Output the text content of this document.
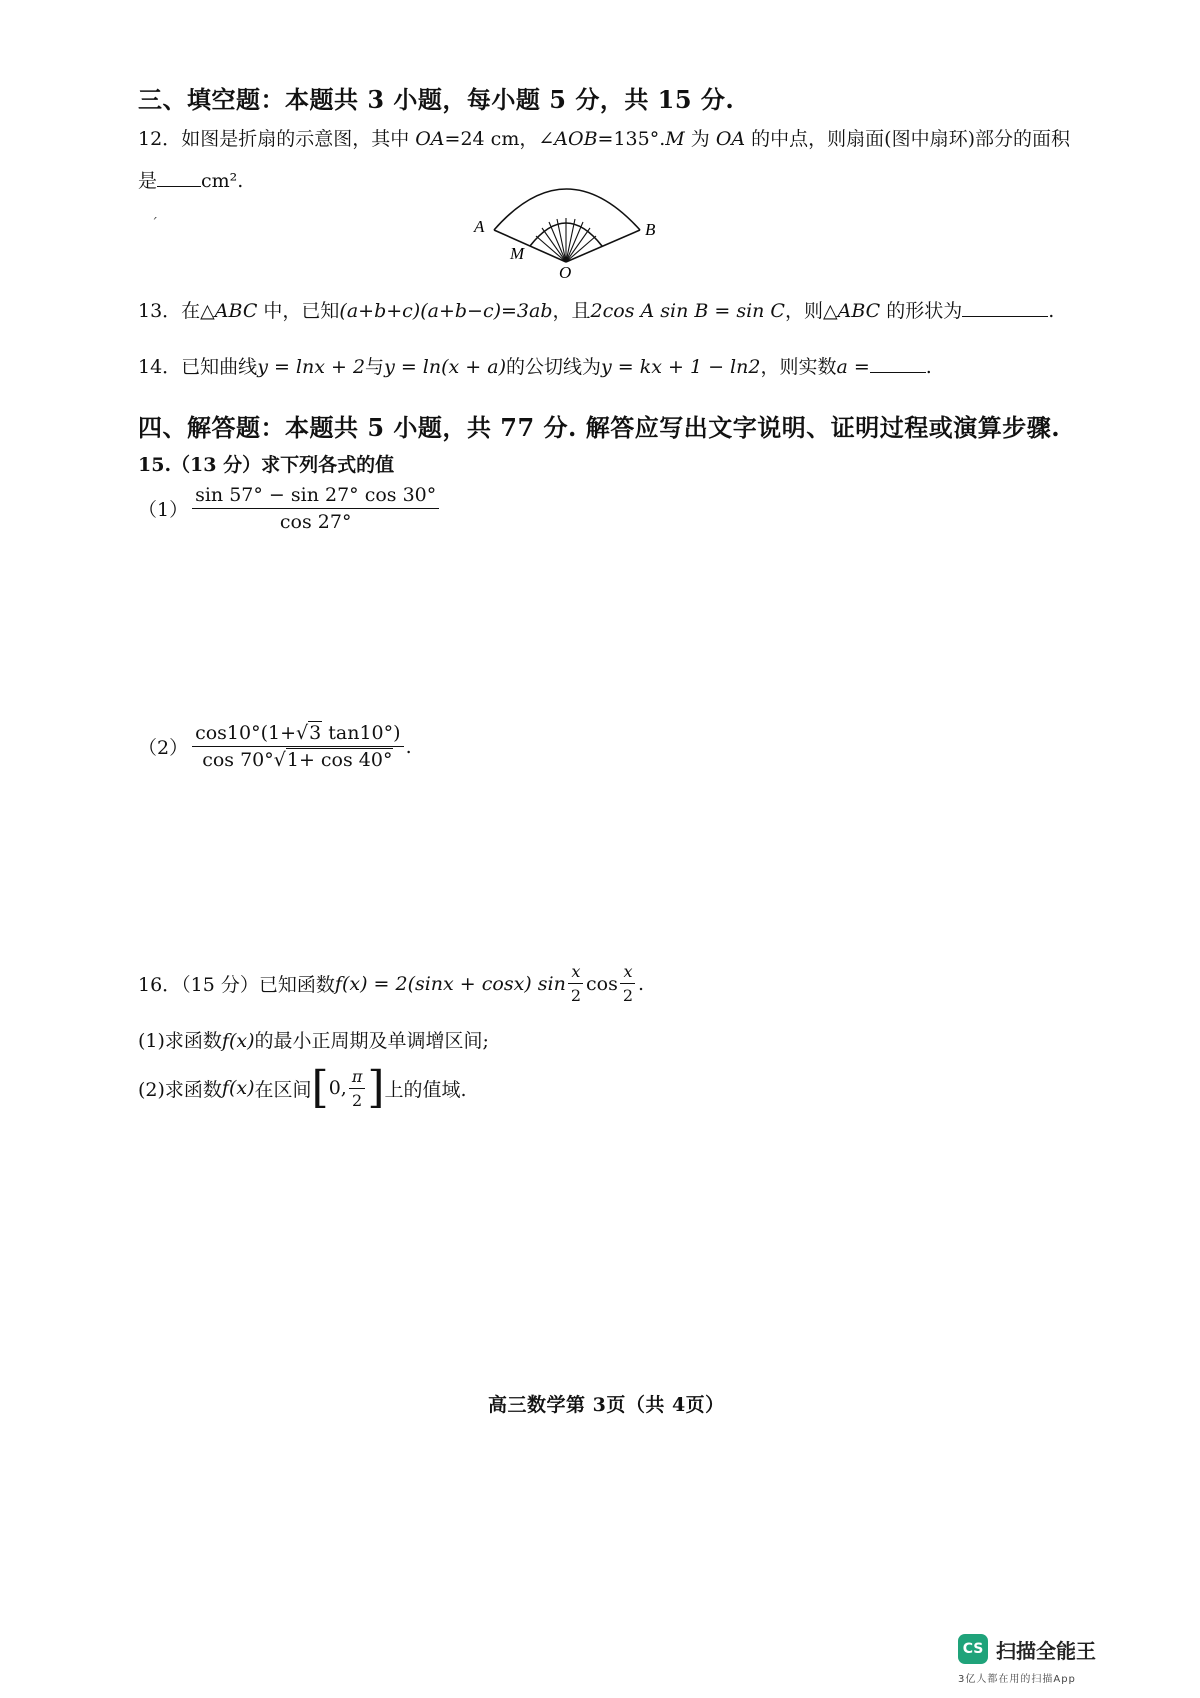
三、填空题：本题共 3 小题，每小题 5 分，共 15 分.
12．如图是折扇的示意图，其中 OA=24 cm，∠AOB=135°.M 为 OA 的中点，则扇面(图中扇环)部分的面积
是 cm².
ˊ	A	B
M
O
13．在△ABC 中，已知(a+b+c)(a+b−c)=3ab，且2cos A sin B = sin C，则△ABC 的形状为	.
14．已知曲线y = lnx + 2与y = ln(x + a)的公切线为y = kx + 1 − ln2，则实数a =	.
四、解答题：本题共 5 小题，共 77 分. 解答应写出文字说明、证明过程或演算步骤.
15.（13 分）求下列各式的值
$(1) \frac{\sin 57^\circ - \sin 27^\circ \cos 30^\circ}{\cos 27^\circ}$
$(2) \frac{\cos 10^\circ(1+√3 \tan 10^\circ)}{\cos 70^\circ√1+ \cos 40^\circ}$ .
16．（15 分）已知函数 f(x) = 2(sinx + cosx) $\sin \frac{x}{2}$ $\cos \frac{x}{2}$ .
(1)求函数f(x)的最小正周期及单调增区间;
(2)求函数 f(x) 在区间 [ 0, $\frac{\pi}{2}$ ] 上的值域.
高三数学第 3页（共 4页）
CS 扫描全能王
3亿人都在用的扫描App
